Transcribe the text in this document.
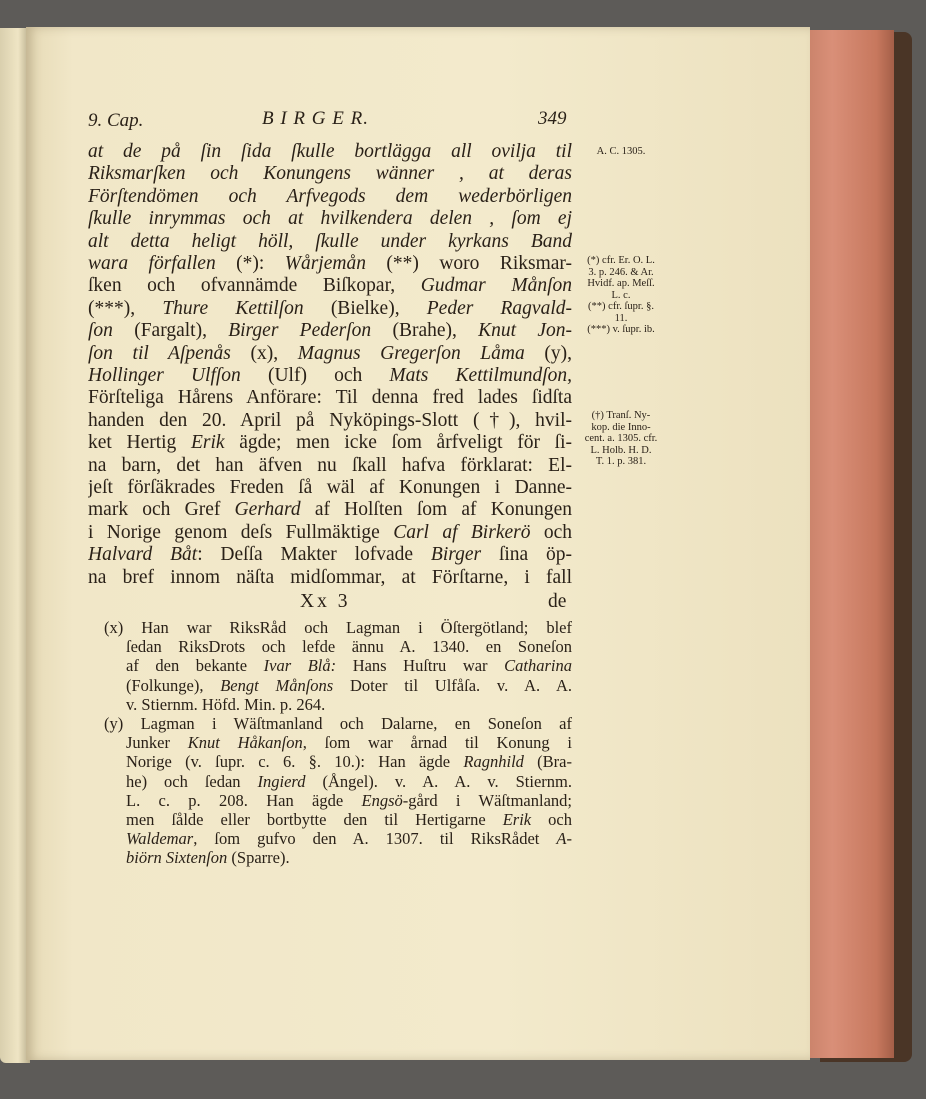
9. Cap.	B I R G E R.	349
at de på ſin ſida ſkulle bortlägga all ovilja til
Riksmarſken och Konungens wänner , at deras
Förſtendömen och Arfvegods dem wederbörligen
ſkulle inrymmas och at hvilkendera delen , ſom ej
alt detta heligt höll, ſkulle under kyrkans Band
wara förfallen (*): Wårjemån (**) woro Riksmar-
ſken och ofvannämde Biſkopar, Gudmar Månſon
(***), Thure Kettilſon (Bielke), Peder Ragvald-
ſon (Fargalt), Birger Pederſon (Brahe), Knut Jon-
ſon til Aſpenås (x), Magnus Gregerſon Låma (y),
Hollinger Ulfſon (Ulf) och Mats Kettilmundſon,
Förſteliga Hårens Anförare: Til denna fred lades ſidſta
handen den 20. April på Nyköpings-Slott (†), hvil-
ket Hertig Erik ägde; men icke ſom årfveligt för ſi-
na barn, det han äfven nu ſkall hafva förklarat: El-
jeſt förſäkrades Freden ſå wäl af Konungen i Danne-
mark och Gref Gerhard af Holſten ſom af Konungen
i Norige genom deſs Fullmäktige Carl af Birkerö och
Halvard Båt: Deſſa Makter lofvade Birger ſina öp-
na bref innom näſta midſommar, at Förſtarne, i fall
Xx 3	de
(x) Han war RiksRåd och Lagman i Öſtergötland; blef
ſedan RiksDrots och lefde ännu A. 1340. en Soneſon
af den bekante Ivar Blå: Hans Huſtru war Catharina
(Folkunge), Bengt Månſons Doter til Ulfåſa. v. A. A.
v. Stiernm. Höfd. Min. p. 264.
(y) Lagman i Wäſtmanland och Dalarne, en Soneſon af
Junker Knut Håkanſon, ſom war årnad til Konung i
Norige (v. ſupr. c. 6. §. 10.): Han ägde Ragnhild (Bra-
he) och ſedan Ingierd (Ångel). v. A. A. v. Stiernm.
L. c. p. 208. Han ägde Engsö-gård i Wäſtmanland;
men ſålde eller bortbytte den til Hertigarne Erik och
Waldemar, ſom gufvo den A. 1307. til RiksRådet A-
biörn Sixtenſon (Sparre).
A. C. 1305.
(*) cfr. Er. O. L.
3. p. 246. & Ar.
Hvidf. ap. Meſſ.
L. c.
(**) cfr. ſupr. §.
11.
(***) v. ſupr. ib.
(†) Tranſ. Ny-
kop. die Inno-
cent. a. 1305. cfr.
L. Holb. H. D.
T. 1. p. 381.
